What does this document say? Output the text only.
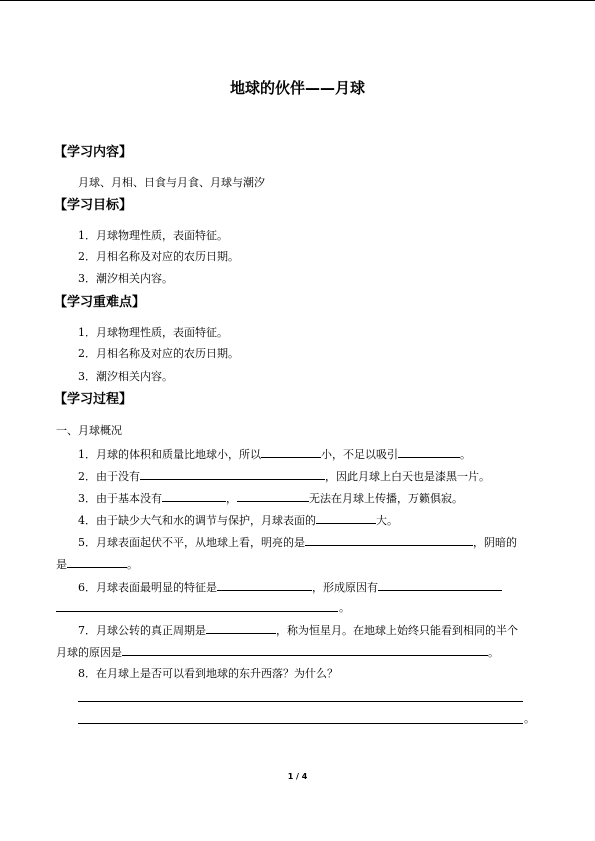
地球的伙伴——月球
【学习内容】
月球、月相、日食与月食、月球与潮汐
【学习目标】
1．月球物理性质，表面特征。
2．月相名称及对应的农历日期。
3．潮汐相关内容。
【学习重难点】
1．月球物理性质，表面特征。
2．月相名称及对应的农历日期。
3．潮汐相关内容。
【学习过程】
一、月球概况
1．月球的体积和质量比地球小，所以	小，不足以吸引	。
2．由于没有	，因此月球上白天也是漆黑一片。
3．由于基本没有	，	无法在月球上传播，万籁俱寂。
4．由于缺少大气和水的调节与保护，月球表面的	大。
5．月球表面起伏不平，从地球上看，明亮的是	，阴暗的
是	。
6．月球表面最明显的特征是	，形成原因有
。
7．月球公转的真正周期是	，称为恒星月。在地球上始终只能看到相同的半个
月球的原因是	。
8．在月球上是否可以看到地球的东升西落？为什么？
。
1 / 4
